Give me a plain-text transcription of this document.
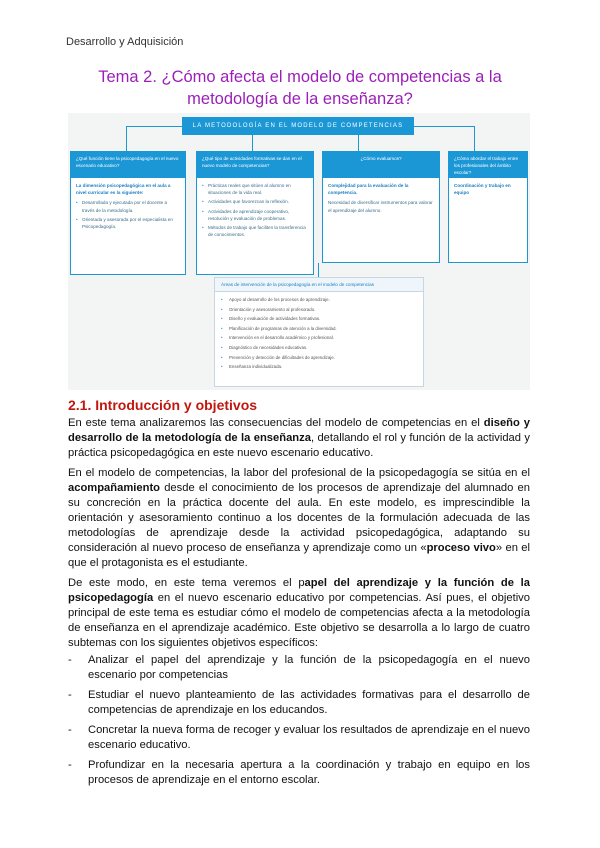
Desarrollo y Adquisición
Tema 2. ¿Cómo afecta el modelo de competencias a la
metodología de la enseñanza?
LA METODOLOGÍA EN EL MODELO DE COMPETENCIAS
¿Qué función tiene la psicopedagogía en el nuevo escenario educativo?

La dimensión psicopedagógica en el aula a nivel curricular es la siguiente:

• Desarrollada y ejecutada por el docente a través de la metodología.
• Orientada y asesorada por el especialista en Psicopedagogía.
¿Qué tipo de actividades formativas se dan en el nuevo modelo de competencias?
• Prácticas reales que sitúen al alumno en situaciones de la vida real.
• Actividades que favorezcan la reflexión.
• Actividades de aprendizaje cooperativo, resolución y evaluación de problemas.
• Métodos de trabajo que faciliten la transferencia de conocimientos.
¿Cómo evaluamos?

Complejidad para la evaluación de la competencia.

Necesidad de diversificar instrumentos para valorar el aprendizaje del alumno.

¿Cómo abordar el trabajo entre los profesionales del ámbito escolar?

Coordinación y trabajo en equipo

Áreas de intervención de la psicopedagogía en el modelo de competencias
• Apoyo al desarrollo de los procesos de aprendizaje.
• Orientación y asesoramiento al profesorado.
• Diseño y evaluación de actividades formativas.
• Planificación de programas de atención a la diversidad.
• Intervención en el desarrollo académico y profesional.
• Diagnóstico de necesidades educativas.
• Prevención y detección de dificultades de aprendizaje.
• Enseñanza individualizada.
2.1. Introducción y objetivos

En este tema analizaremos las consecuencias del modelo de competencias en el diseño y desarrollo de la metodología de la enseñanza, detallando el rol y función de la actividad y práctica psicopedagógica en este nuevo escenario educativo.

En el modelo de competencias, la labor del profesional de la psicopedagogía se sitúa en el acompañamiento desde el conocimiento de los procesos de aprendizaje del alumnado en su concreción en la práctica docente del aula. En este modelo, es imprescindible la orientación y asesoramiento continuo a los docentes de la formulación adecuada de las metodologías de aprendizaje desde la actividad psicopedagógica, adaptando su consideración al nuevo proceso de enseñanza y aprendizaje como un «proceso vivo» en el que el protagonista es el estudiante.

De este modo, en este tema veremos el papel del aprendizaje y la función de la psicopedagogía en el nuevo escenario educativo por competencias. Así pues, el objetivo principal de este tema es estudiar cómo el modelo de competencias afecta a la metodología de enseñanza en el aprendizaje académico. Este objetivo se desarrolla a lo largo de cuatro subtemas con los siguientes objetivos específicos:

- Analizar el papel del aprendizaje y la función de la psicopedagogía en el nuevo escenario por competencias
- Estudiar el nuevo planteamiento de las actividades formativas para el desarrollo de competencias de aprendizaje en los educandos.
- Concretar la nueva forma de recoger y evaluar los resultados de aprendizaje en el nuevo escenario educativo.
- Profundizar en la necesaria apertura a la coordinación y trabajo en equipo en los procesos de aprendizaje en el entorno escolar.
